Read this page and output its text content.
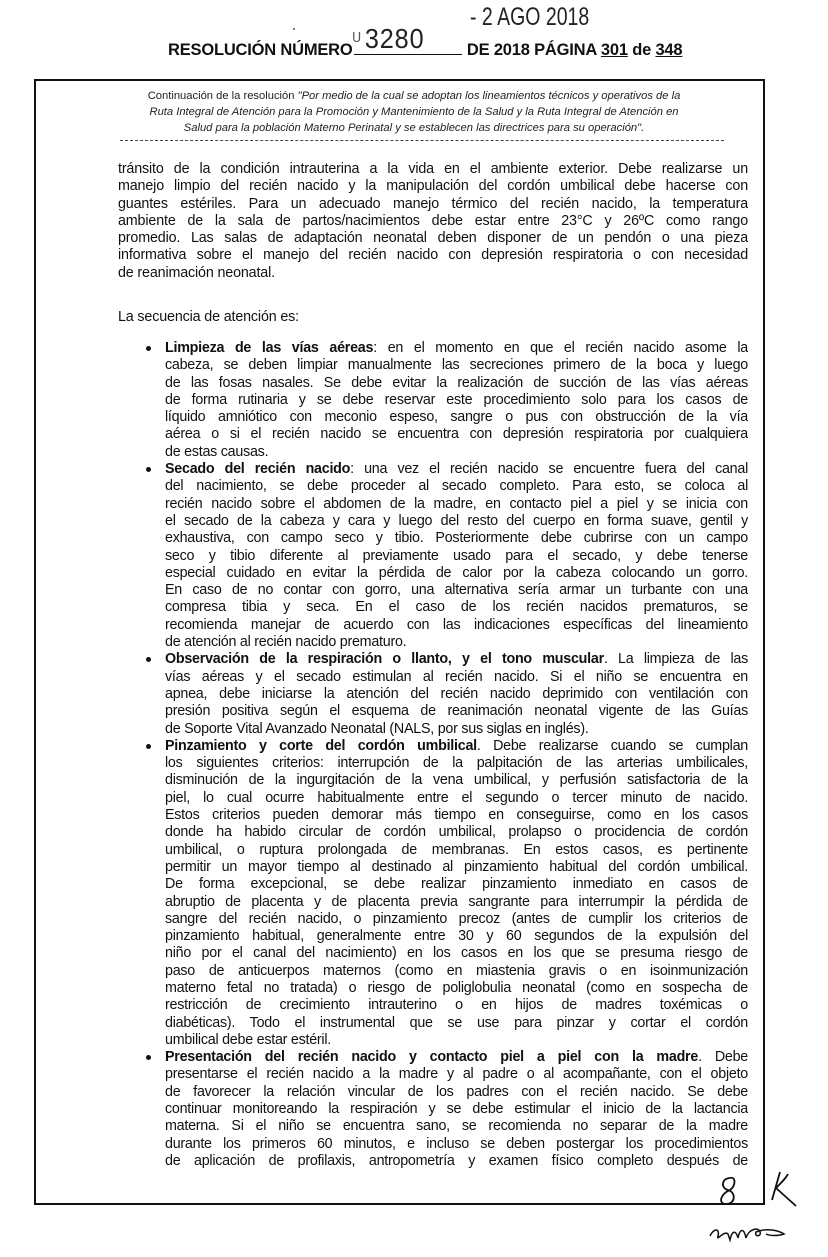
- 2 AGO 2018
RESOLUCIÓN NÚMERO	DE 2018 PÁGINA 301 de 348
$^ᑌ$3280
Continuación de la resolución "Por medio de la cual se adoptan los lineamientos técnicos y operativos de la
Ruta Integral de Atención para la Promoción y Mantenimiento de la Salud y la Ruta Integral de Atención en
Salud para la población Materno Perinatal y se establecen las directrices para su operación".
tránsito de la condición intrauterina a la vida en el ambiente exterior. Debe realizarse un
manejo limpio del recién nacido y la manipulación del cordón umbilical debe hacerse con
guantes estériles. Para un adecuado manejo térmico del recién nacido, la temperatura
ambiente de la sala de partos/nacimientos debe estar entre 23°C y 26ºC como rango
promedio. Las salas de adaptación neonatal deben disponer de un pendón o una pieza
informativa sobre el manejo del recién nacido con depresión respiratoria o con necesidad
de reanimación neonatal.
La secuencia de atención es:
Limpieza de las vías aéreas: en el momento en que el recién nacido asome la
cabeza, se deben limpiar manualmente las secreciones primero de la boca y luego
de las fosas nasales. Se debe evitar la realización de succión de las vías aéreas
de forma rutinaria y se debe reservar este procedimiento solo para los casos de
líquido amniótico con meconio espeso, sangre o pus con obstrucción de la vía
aérea o si el recién nacido se encuentra con depresión respiratoria por cualquiera
de estas causas.
Secado del recién nacido: una vez el recién nacido se encuentre fuera del canal
del nacimiento, se debe proceder al secado completo. Para esto, se coloca al
recién nacido sobre el abdomen de la madre, en contacto piel a piel y se inicia con
el secado de la cabeza y cara y luego del resto del cuerpo en forma suave, gentil y
exhaustiva, con campo seco y tibio. Posteriormente debe cubrirse con un campo
seco y tibio diferente al previamente usado para el secado, y debe tenerse
especial cuidado en evitar la pérdida de calor por la cabeza colocando un gorro.
En caso de no contar con gorro, una alternativa sería armar un turbante con una
compresa tibia y seca. En el caso de los recién nacidos prematuros, se
recomienda manejar de acuerdo con las indicaciones específicas del lineamiento
de atención al recién nacido prematuro.
Observación de la respiración o llanto, y el tono muscular. La limpieza de las
vías aéreas y el secado estimulan al recién nacido. Si el niño se encuentra en
apnea, debe iniciarse la atención del recién nacido deprimido con ventilación con
presión positiva según el esquema de reanimación neonatal vigente de las Guías
de Soporte Vital Avanzado Neonatal (NALS, por sus siglas en inglés).
Pinzamiento y corte del cordón umbilical. Debe realizarse cuando se cumplan
los siguientes criterios: interrupción de la palpitación de las arterias umbilicales,
disminución de la ingurgitación de la vena umbilical, y perfusión satisfactoria de la
piel, lo cual ocurre habitualmente entre el segundo o tercer minuto de nacido.
Estos criterios pueden demorar más tiempo en conseguirse, como en los casos
donde ha habido circular de cordón umbilical, prolapso o procidencia de cordón
umbilical, o ruptura prolongada de membranas. En estos casos, es pertinente
permitir un mayor tiempo al destinado al pinzamiento habitual del cordón umbilical.
De forma excepcional, se debe realizar pinzamiento inmediato en casos de
abruptio de placenta y de placenta previa sangrante para interrumpir la pérdida de
sangre del recién nacido, o pinzamiento precoz (antes de cumplir los criterios de
pinzamiento habitual, generalmente entre 30 y 60 segundos de la expulsión del
niño por el canal del nacimiento) en los casos en los que se presuma riesgo de
paso de anticuerpos maternos (como en miastenia gravis o en isoinmunización
materno fetal no tratada) o riesgo de poliglobulia neonatal (como en sospecha de
restricción de crecimiento intrauterino o en hijos de madres toxémicas o
diabéticas). Todo el instrumental que se use para pinzar y cortar el cordón
umbilical debe estar estéril.
Presentación del recién nacido y contacto piel a piel con la madre. Debe
presentarse el recién nacido a la madre y al padre o al acompañante, con el objeto
de favorecer la relación vincular de los padres con el recién nacido. Se debe
continuar monitoreando la respiración y se debe estimular el inicio de la lactancia
materna. Si el niño se encuentra sano, se recomienda no separar de la madre
durante los primeros 60 minutos, e incluso se deben postergar los procedimientos
de aplicación de profilaxis, antropometría y examen físico completo después de
